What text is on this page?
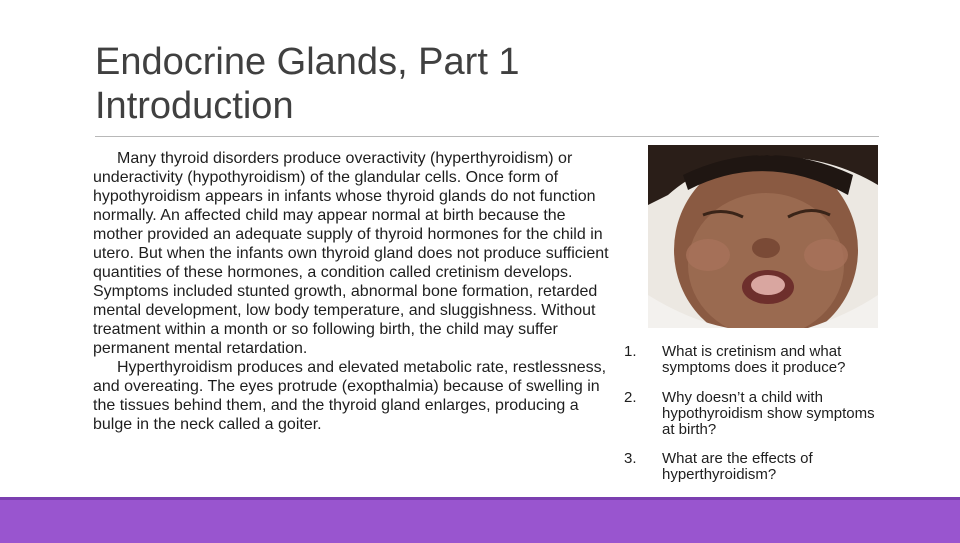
Endocrine Glands, Part 1
Introduction

Many thyroid disorders produce overactivity (hyperthyroidism) or underactivity (hypothyroidism) of the glandular cells. Once form of hypothyroidism appears in infants whose thyroid glands do not function normally. An affected child may appear normal at birth because the mother provided an adequate supply of thyroid hormones for the child in utero. But when the infants own thyroid gland does not produce sufficient quantities of these hormones, a condition called cretinism develops. Symptoms included stunted growth, abnormal bone formation, retarded mental development, low body temperature, and sluggishness. Without treatment within a month or so following birth, the child may suffer permanent mental retardation.

Hyperthyroidism produces and elevated metabolic rate, restlessness, and overeating. The eyes protrude (exopthalmia) because of swelling in the tissues behind them, and the thyroid gland enlarges, producing a bulge in the neck called a goiter.

1. What is cretinism and what symptoms does it produce?
2. Why doesn’t a child with hypothyroidism show symptoms at birth?
3. What are the effects of hyperthyroidism?
